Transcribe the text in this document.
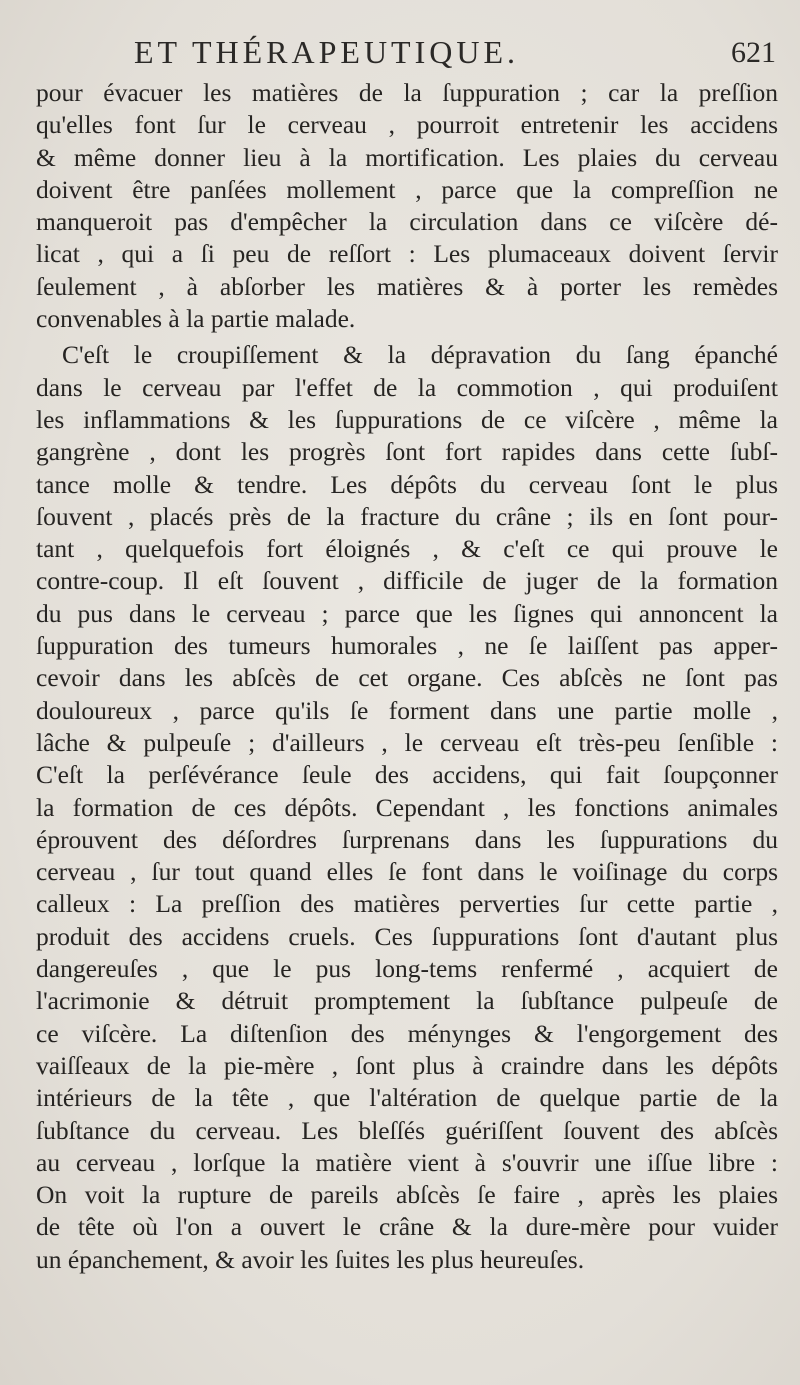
ET THÉRAPEUTIQUE.	621
pour évacuer les matières de la ſuppuration ; car la preſſion
qu'elles font ſur le cerveau , pourroit entretenir les accidens
& même donner lieu à la mortification. Les plaies du cerveau
doivent être panſées mollement , parce que la compreſſion ne
manqueroit pas d'empêcher la circulation dans ce viſcère dé-
licat , qui a ſi peu de reſſort : Les plumaceaux doivent ſervir
ſeulement , à abſorber les matières & à porter les remèdes
convenables à la partie malade.
C'eſt le croupiſſement & la dépravation du ſang épanché
dans le cerveau par l'effet de la commotion , qui produiſent
les inflammations & les ſuppurations de ce viſcère , même la
gangrène , dont les progrès ſont fort rapides dans cette ſubſ-
tance molle & tendre. Les dépôts du cerveau ſont le plus
ſouvent , placés près de la fracture du crâne ; ils en ſont pour-
tant , quelquefois fort éloignés , & c'eſt ce qui prouve le
contre-coup. Il eſt ſouvent , difficile de juger de la formation
du pus dans le cerveau ; parce que les ſignes qui annoncent la
ſuppuration des tumeurs humorales , ne ſe laiſſent pas apper-
cevoir dans les abſcès de cet organe. Ces abſcès ne ſont pas
douloureux , parce qu'ils ſe forment dans une partie molle ,
lâche & pulpeuſe ; d'ailleurs , le cerveau eſt très-peu ſenſible :
C'eſt la perſévérance ſeule des accidens, qui fait ſoupçonner
la formation de ces dépôts. Cependant , les fonctions animales
éprouvent des déſordres ſurprenans dans les ſuppurations du
cerveau , ſur tout quand elles ſe font dans le voiſinage du corps
calleux : La preſſion des matières perverties ſur cette partie ,
produit des accidens cruels. Ces ſuppurations ſont d'autant plus
dangereuſes , que le pus long-tems renfermé , acquiert de
l'acrimonie & détruit promptement la ſubſtance pulpeuſe de
ce viſcère. La diſtenſion des ményngеs & l'engorgement des
vaiſſeaux de la pie-mère , ſont plus à craindre dans les dépôts
intérieurs de la tête , que l'altération de quelque partie de la
ſubſtance du cerveau. Les bleſſés guériſſent ſouvent des abſcès
au cerveau , lorſque la matière vient à s'ouvrir une iſſue libre :
On voit la rupture de pareils abſcès ſe faire , après les plaies
de tête où l'on a ouvert le crâne & la dure-mère pour vuider
un épanchement, & avoir les ſuites les plus heureuſes.
